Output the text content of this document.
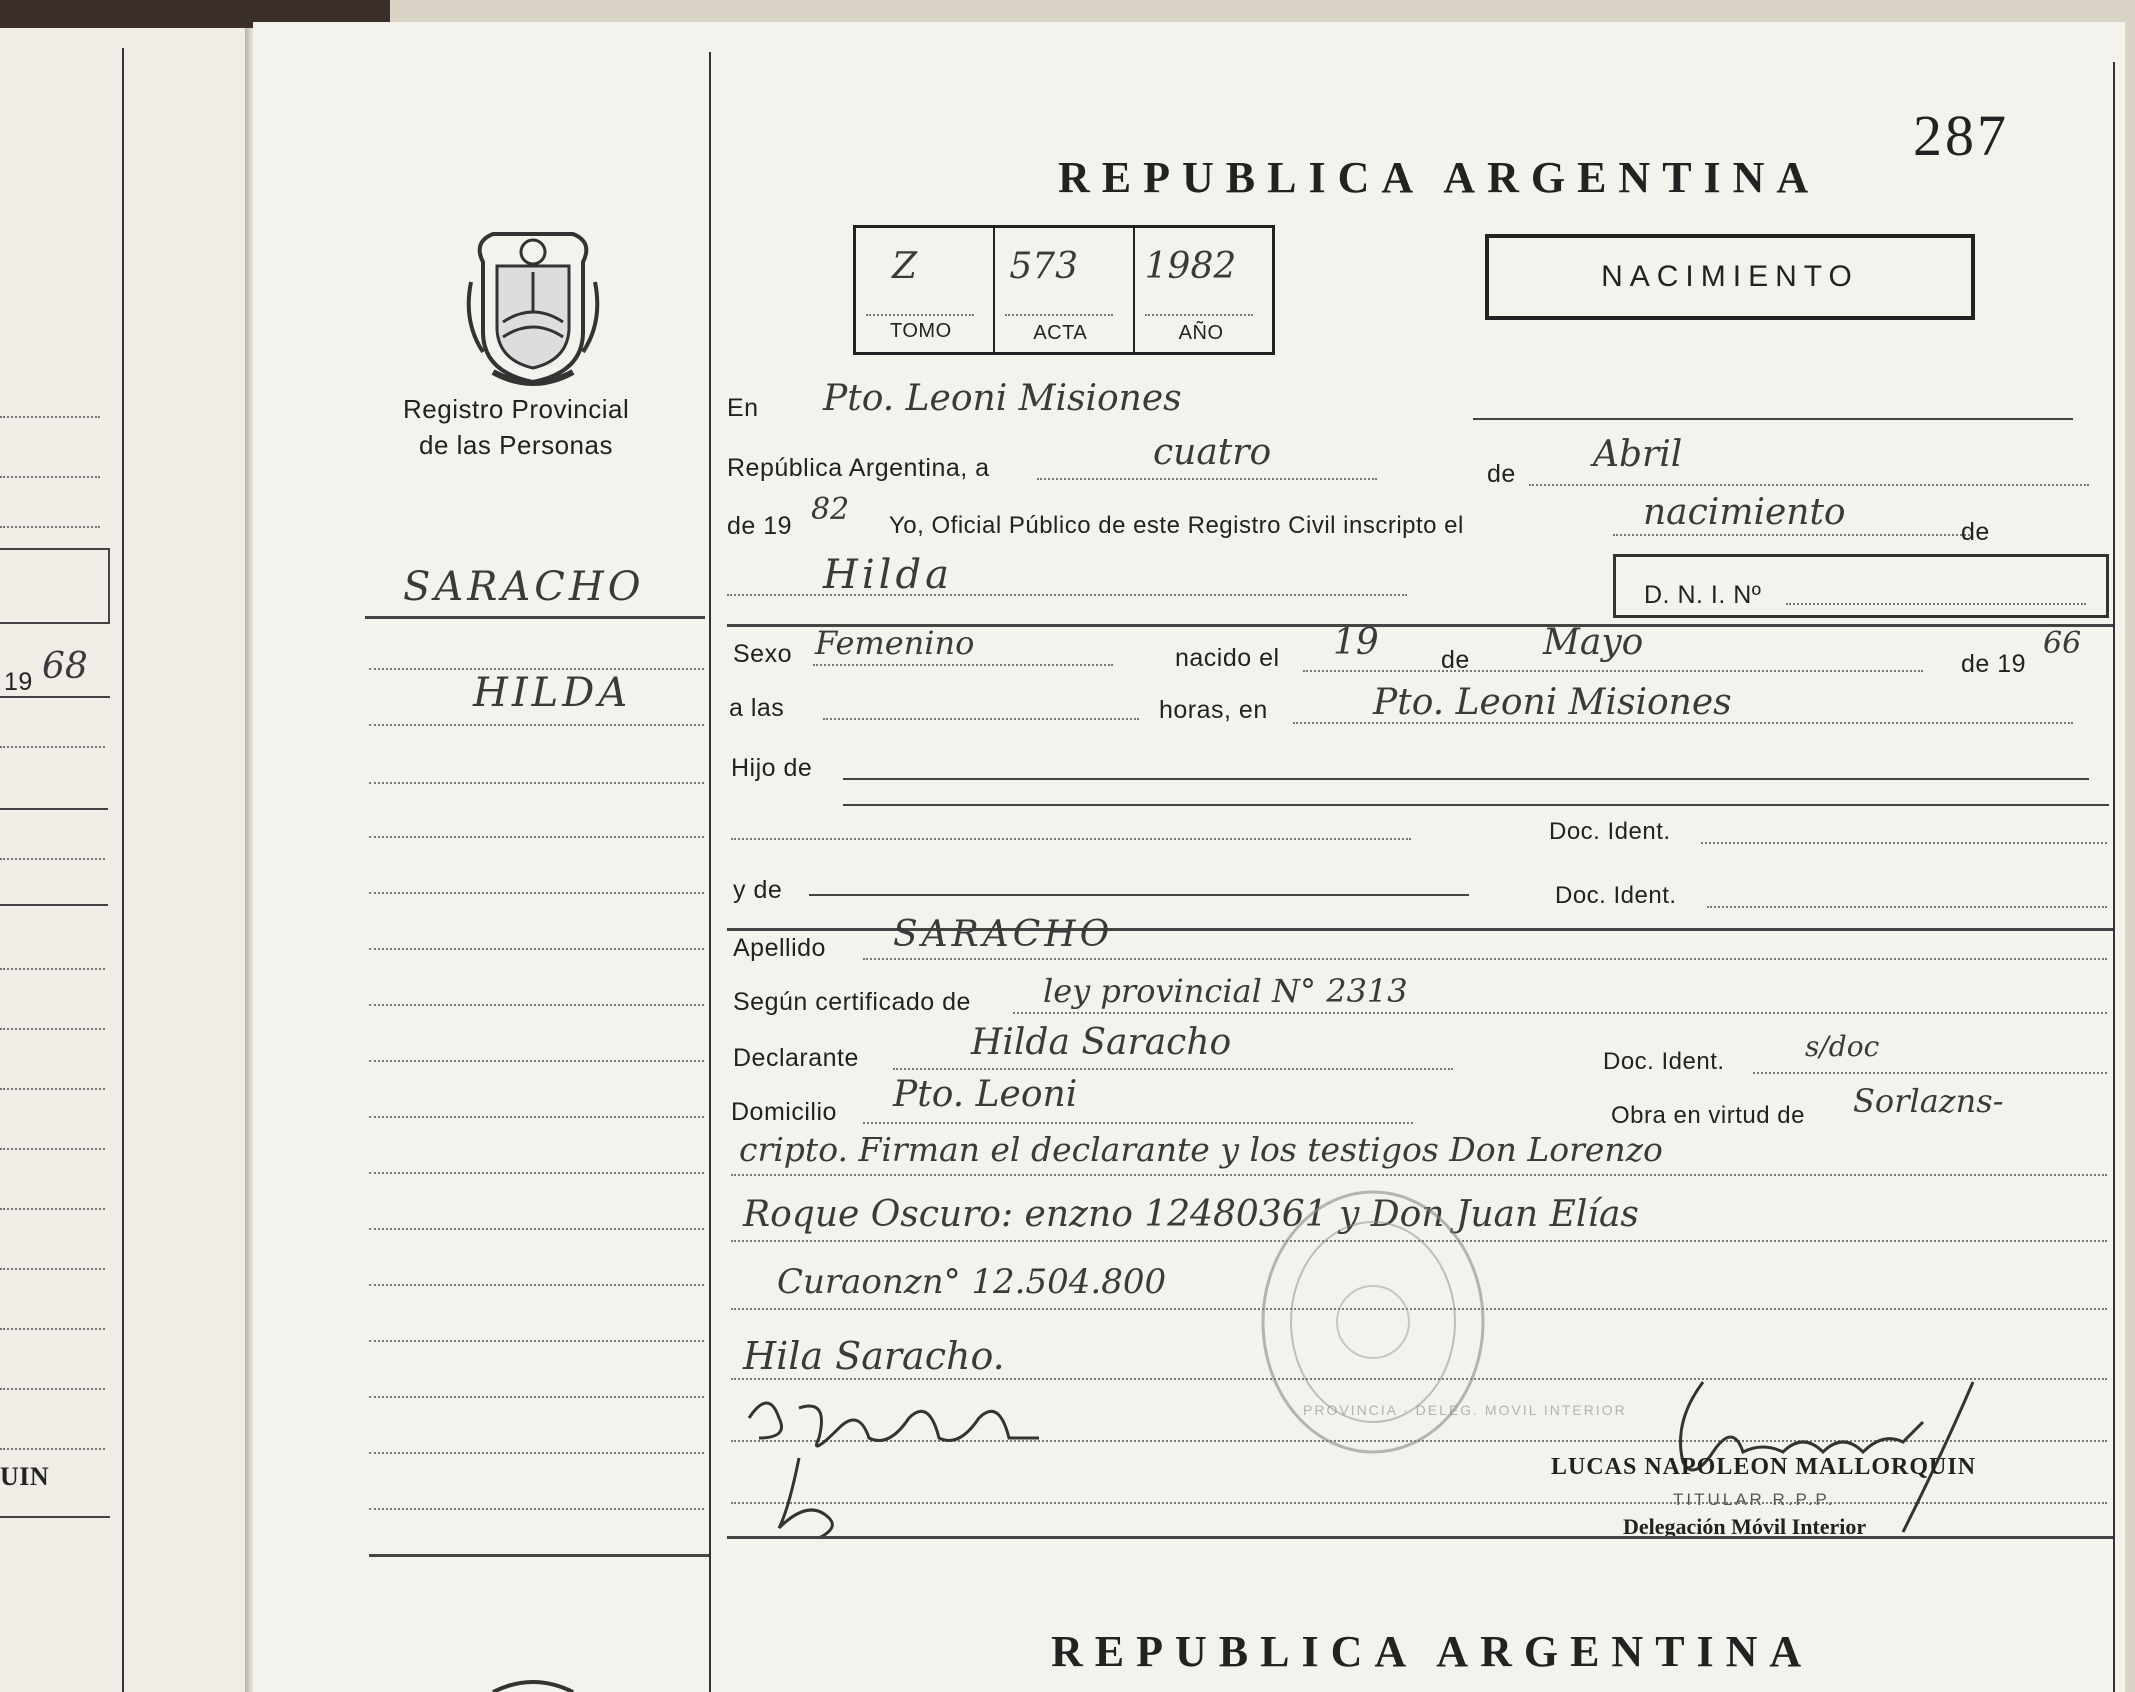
19 68
UIN
287
REPUBLICA ARGENTINA
NACIMIENTO
Z
TOMO
573
ACTA
1982
AÑO
Registro Provincial
de las Personas
SARACHO
HILDA
En Pto. Leoni Misiones
República Argentina, a	cuatro
de Abril
de 19 82 Yo, Oficial Público de este Registro Civil inscripto el	nacimiento	de
Hilda	D. N. I. Nº
Sexo Femenino	nacido el 19 de Mayo
de 19
66
a las	horas, en	Pto. Leoni Misiones
Hijo de
Doc. Ident.
y de	Doc. Ident.
Apellido SARACHO
Según certificado de ley provincial N° 2313
Declarante	Hilda Saracho	Doc. Ident.	s/doc
Domicilio Pto. Leoni
Obra en virtud de Sorlazns-
cripto. Firman el declarante y los testigos Don Lorenzo
Roque Oscuro: enzno 12480361 y Don Juan Elías
Curaonzn° 12.504.800
Hila Saracho.
PROVINCIA · DELEG. MOVIL INTERIOR
LUCAS NAPOLEON MALLORQUIN
TITULAR R.P.P.
Delegación Móvil Interior
REPUBLICA ARGENTINA
